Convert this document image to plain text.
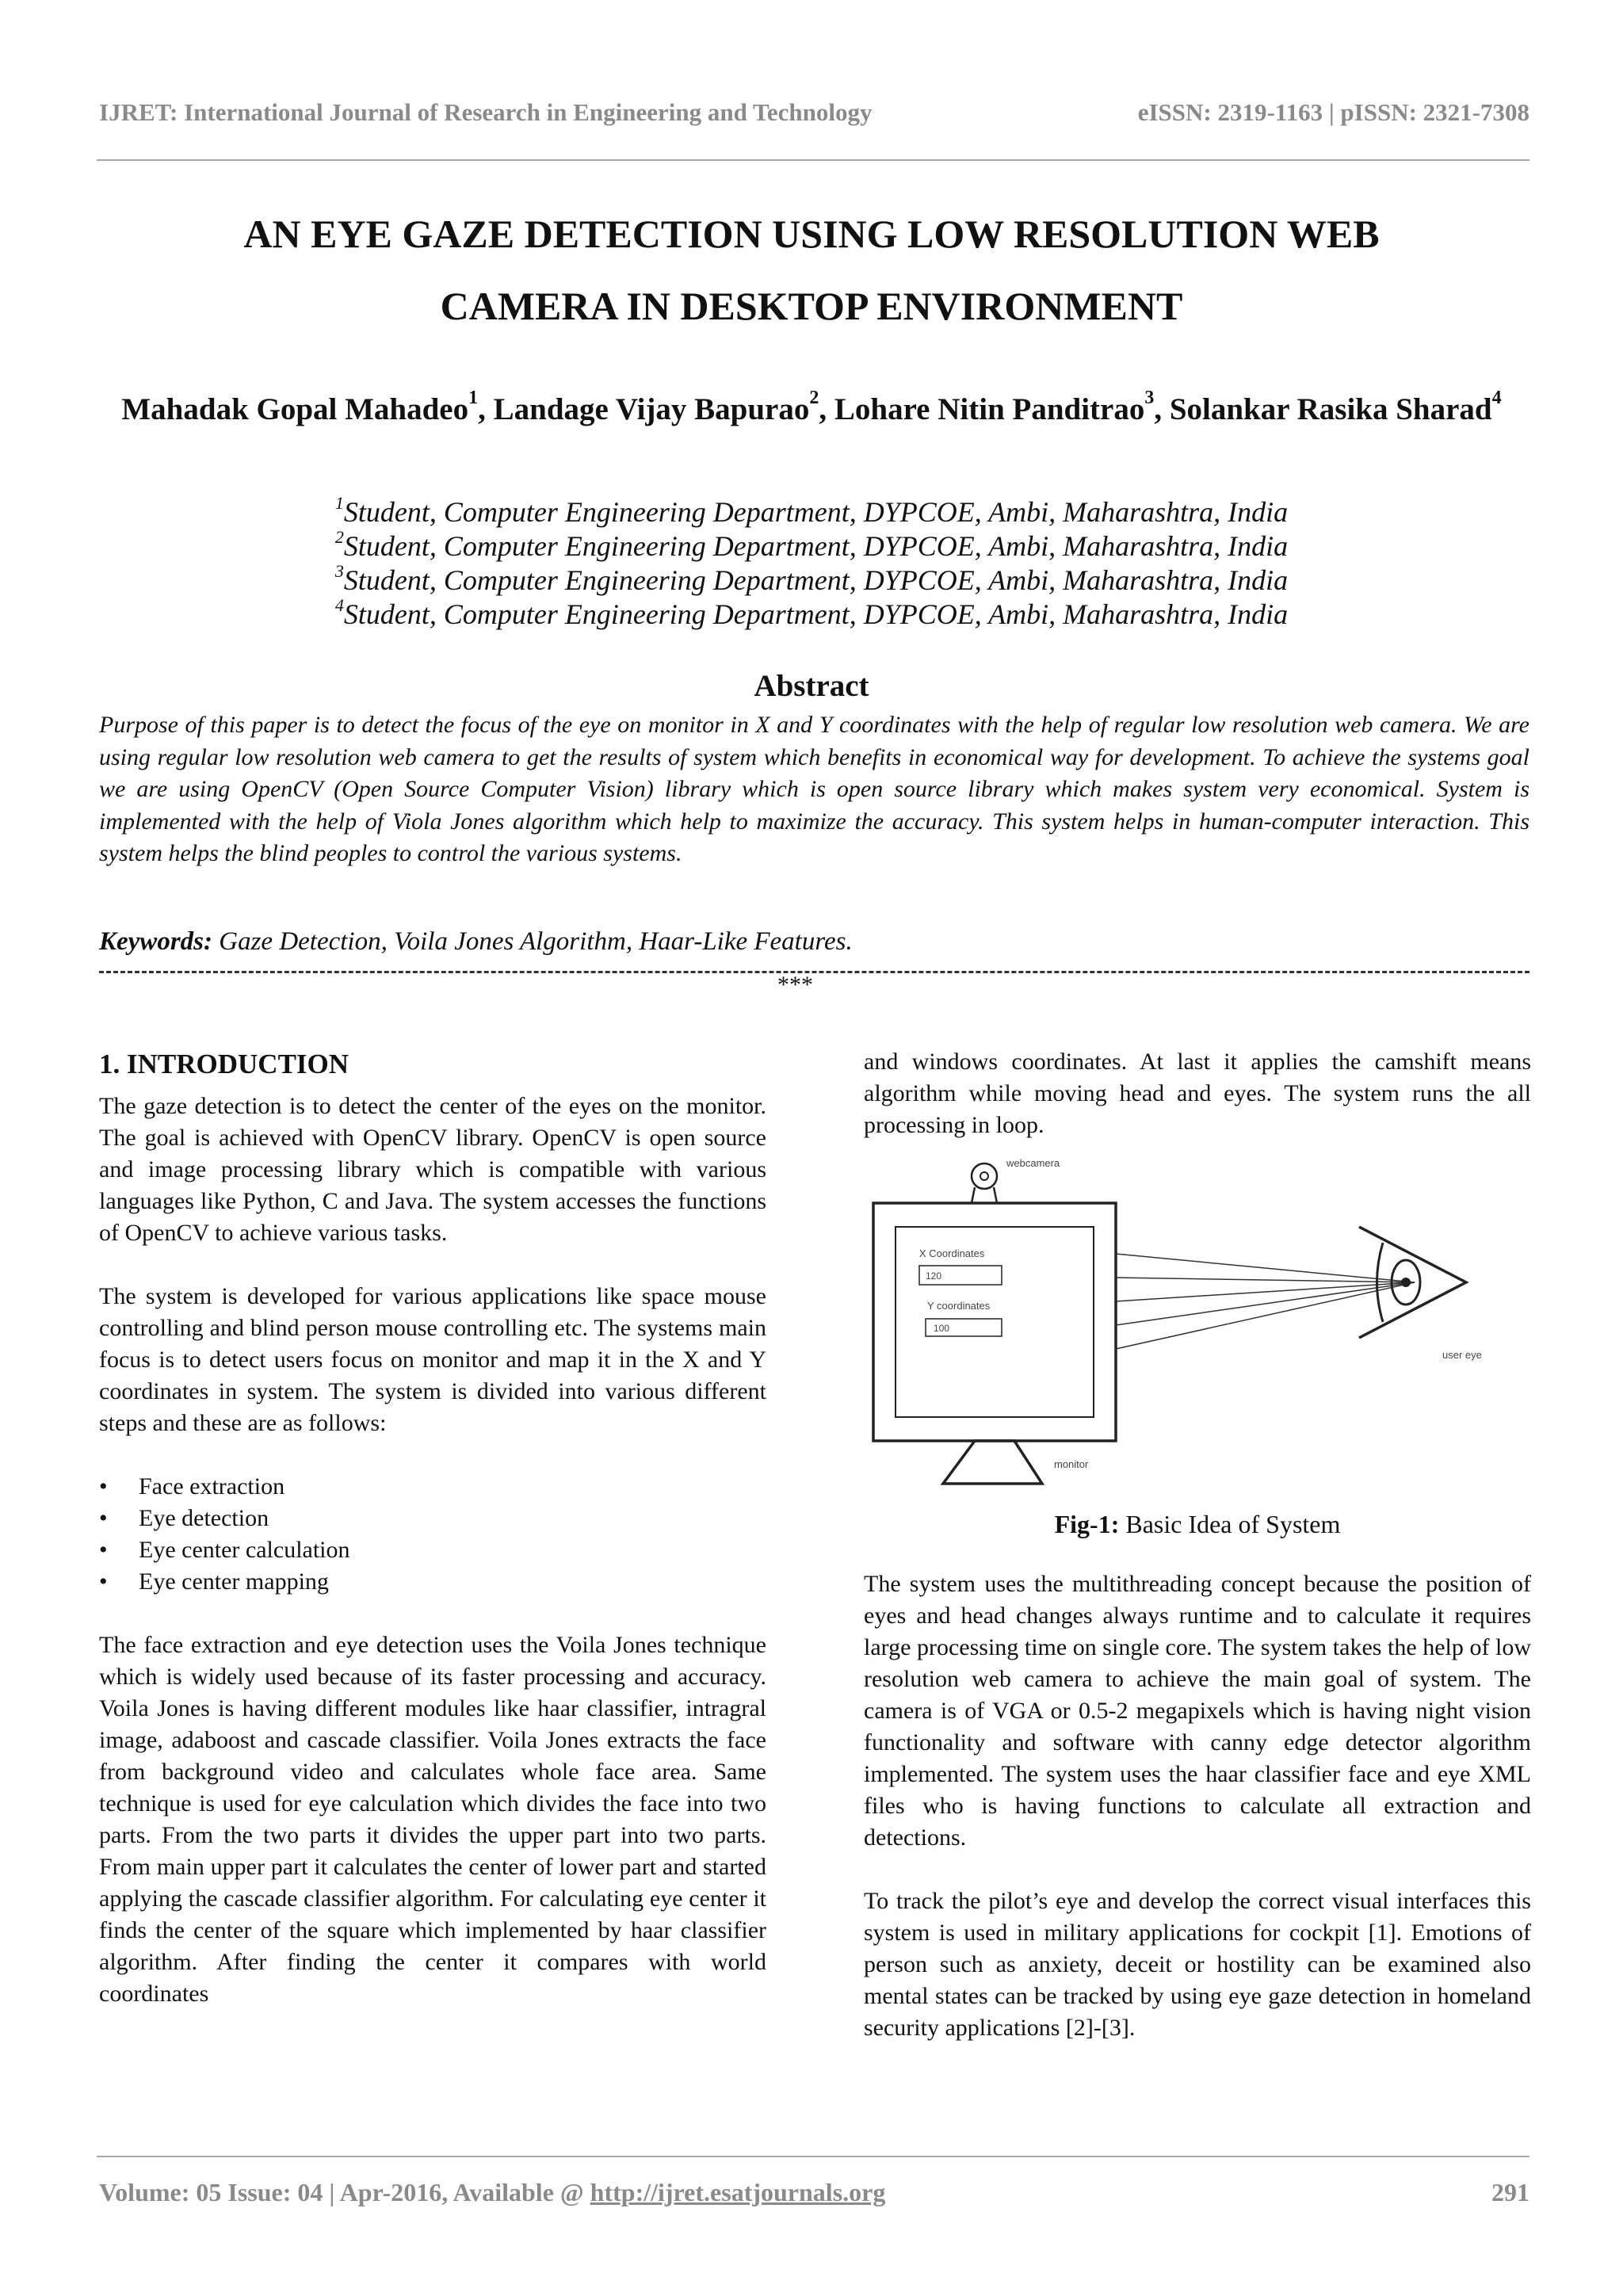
IJRET: International Journal of Research in Engineering and Technology	eISSN: 2319-1163 | pISSN: 2321-7308
AN EYE GAZE DETECTION USING LOW RESOLUTION WEB
CAMERA IN DESKTOP ENVIRONMENT
Mahadak Gopal Mahadeo$^1$, Landage Vijay Bapurao$^2$, Lohare Nitin Panditrao$^3$, Solankar Rasika Sharad$^4$
$^1$Student, Computer Engineering Department, DYPCOE, Ambi, Maharashtra, India
$^2$Student, Computer Engineering Department, DYPCOE, Ambi, Maharashtra, India
$^3$Student, Computer Engineering Department, DYPCOE, Ambi, Maharashtra, India
$^4$Student, Computer Engineering Department, DYPCOE, Ambi, Maharashtra, India
Abstract
Purpose of this paper is to detect the focus of the eye on monitor in X and Y coordinates with the help of regular low resolution web camera. We are using regular low resolution web camera to get the results of system which benefits in economical way for development. To achieve the systems goal we are using OpenCV (Open Source Computer Vision) library which is open source library which makes system very economical. System is implemented with the help of Viola Jones algorithm which help to maximize the accuracy. This system helps in human-computer interaction. This system helps the blind peoples to control the various systems.
Keywords: Gaze Detection, Voila Jones Algorithm, Haar-Like Features.
***
1. INTRODUCTION

The gaze detection is to detect the center of the eyes on the monitor. The goal is achieved with OpenCV library. OpenCV is open source and image processing library which is compatible with various languages like Python, C and Java. The system accesses the functions of OpenCV to achieve various tasks.

The system is developed for various applications like space mouse controlling and blind person mouse controlling etc. The systems main focus is to detect users focus on monitor and map it in the X and Y coordinates in system. The system is divided into various different steps and these are as follows:

• Face extraction
• Eye detection
• Eye center calculation
• Eye center mapping

The face extraction and eye detection uses the Voila Jones technique which is widely used because of its faster processing and accuracy. Voila Jones is having different modules like haar classifier, intragral image, adaboost and cascade classifier. Voila Jones extracts the face from background video and calculates whole face area. Same technique is used for eye calculation which divides the face into two parts. From the two parts it divides the upper part into two parts. From main upper part it calculates the center of lower part and started applying the cascade classifier algorithm. For calculating eye center it finds the center of the square which implemented by haar classifier algorithm. After finding the center it compares with world coordinates

and windows coordinates. At last it applies the camshift means algorithm while moving head and eyes. The system runs the all processing in loop.

webcamera
X Coordinates
120
Y coordinates
100
monitor
user eye
Fig-1: Basic Idea of System

The system uses the multithreading concept because the position of eyes and head changes always runtime and to calculate it requires large processing time on single core. The system takes the help of low resolution web camera to achieve the main goal of system. The camera is of VGA or 0.5-2 megapixels which is having night vision functionality and software with canny edge detector algorithm implemented. The system uses the haar classifier face and eye XML files who is having functions to calculate all extraction and detections.

To track the pilot’s eye and develop the correct visual interfaces this system is used in military applications for cockpit [1]. Emotions of person such as anxiety, deceit or hostility can be examined also mental states can be tracked by using eye gaze detection in homeland security applications [2]-[3].

Volume: 05 Issue: 04 | Apr-2016, Available @ http://ijret.esatjournals.org	291
